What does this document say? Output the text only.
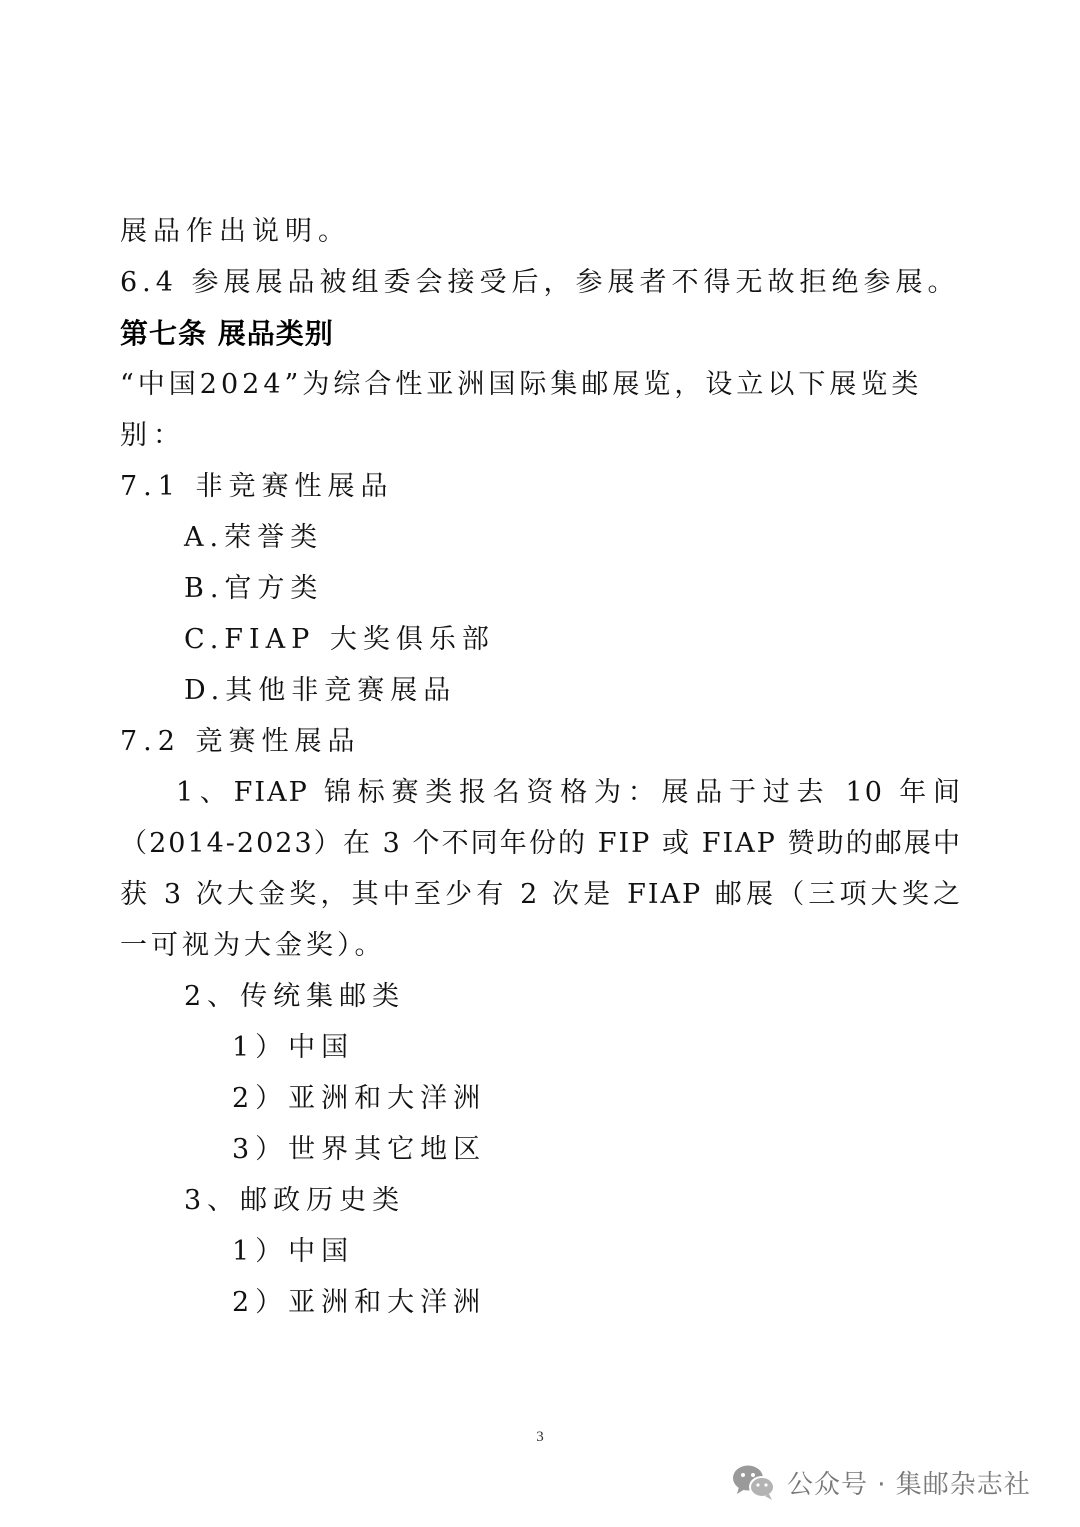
展品作出说明。
6.4 参展展品被组委会接受后，参展者不得无故拒绝参展。
第七条 展品类别
“中国2024”为综合性亚洲国际集邮展览，设立以下展览类
别：
7.1 非竞赛性展品
A.荣誉类
B.官方类
C.FIAP 大奖俱乐部
D.其他非竞赛展品
7.2 竞赛性展品
1、FIAP 锦标赛类报名资格为：展品于过去 10 年间
（2014-2023）在 3 个不同年份的 FIP 或 FIAP 赞助的邮展中
获 3 次大金奖，其中至少有 2 次是 FIAP 邮展（三项大奖之
一可视为大金奖）。
2、传统集邮类
1）中国
2）亚洲和大洋洲
3）世界其它地区
3、邮政历史类
1）中国
2）亚洲和大洋洲
3
公众号 · 集邮杂志社
